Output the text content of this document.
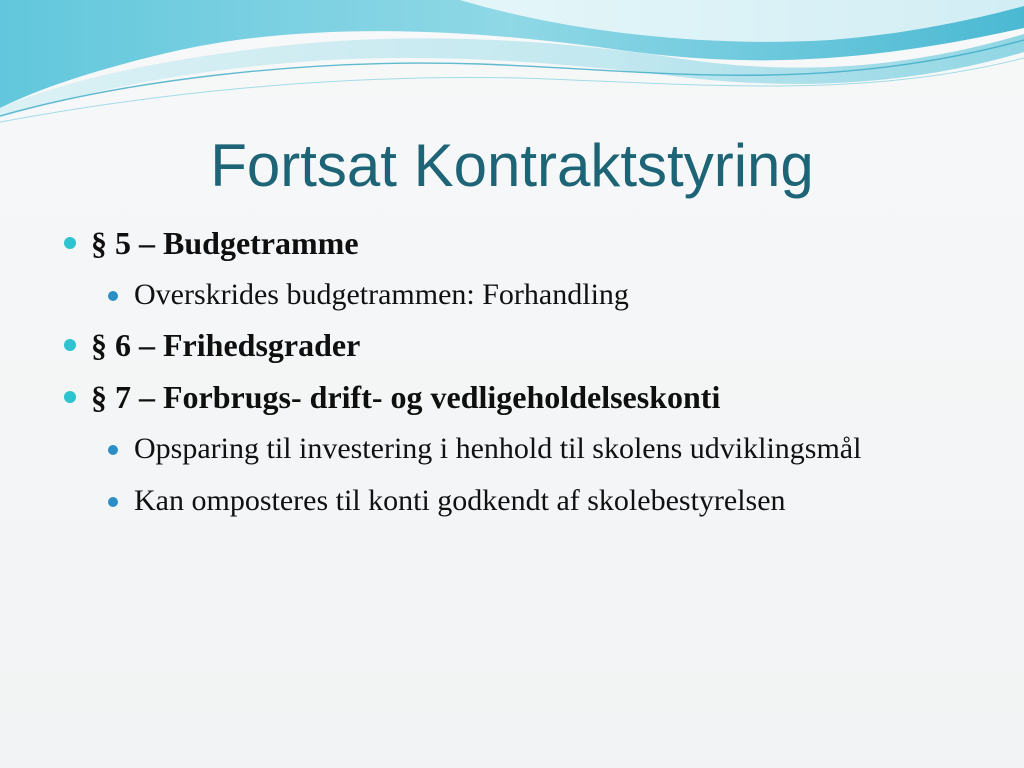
Fortsat Kontraktstyring
§ 5 – Budgetramme
Overskrides budgetrammen: Forhandling
§ 6 – Frihedsgrader
§ 7 – Forbrugs- drift- og vedligeholdelseskonti
Opsparing til investering i henhold til skolens udviklingsmål
Kan omposteres til konti godkendt af skolebestyrelsen
